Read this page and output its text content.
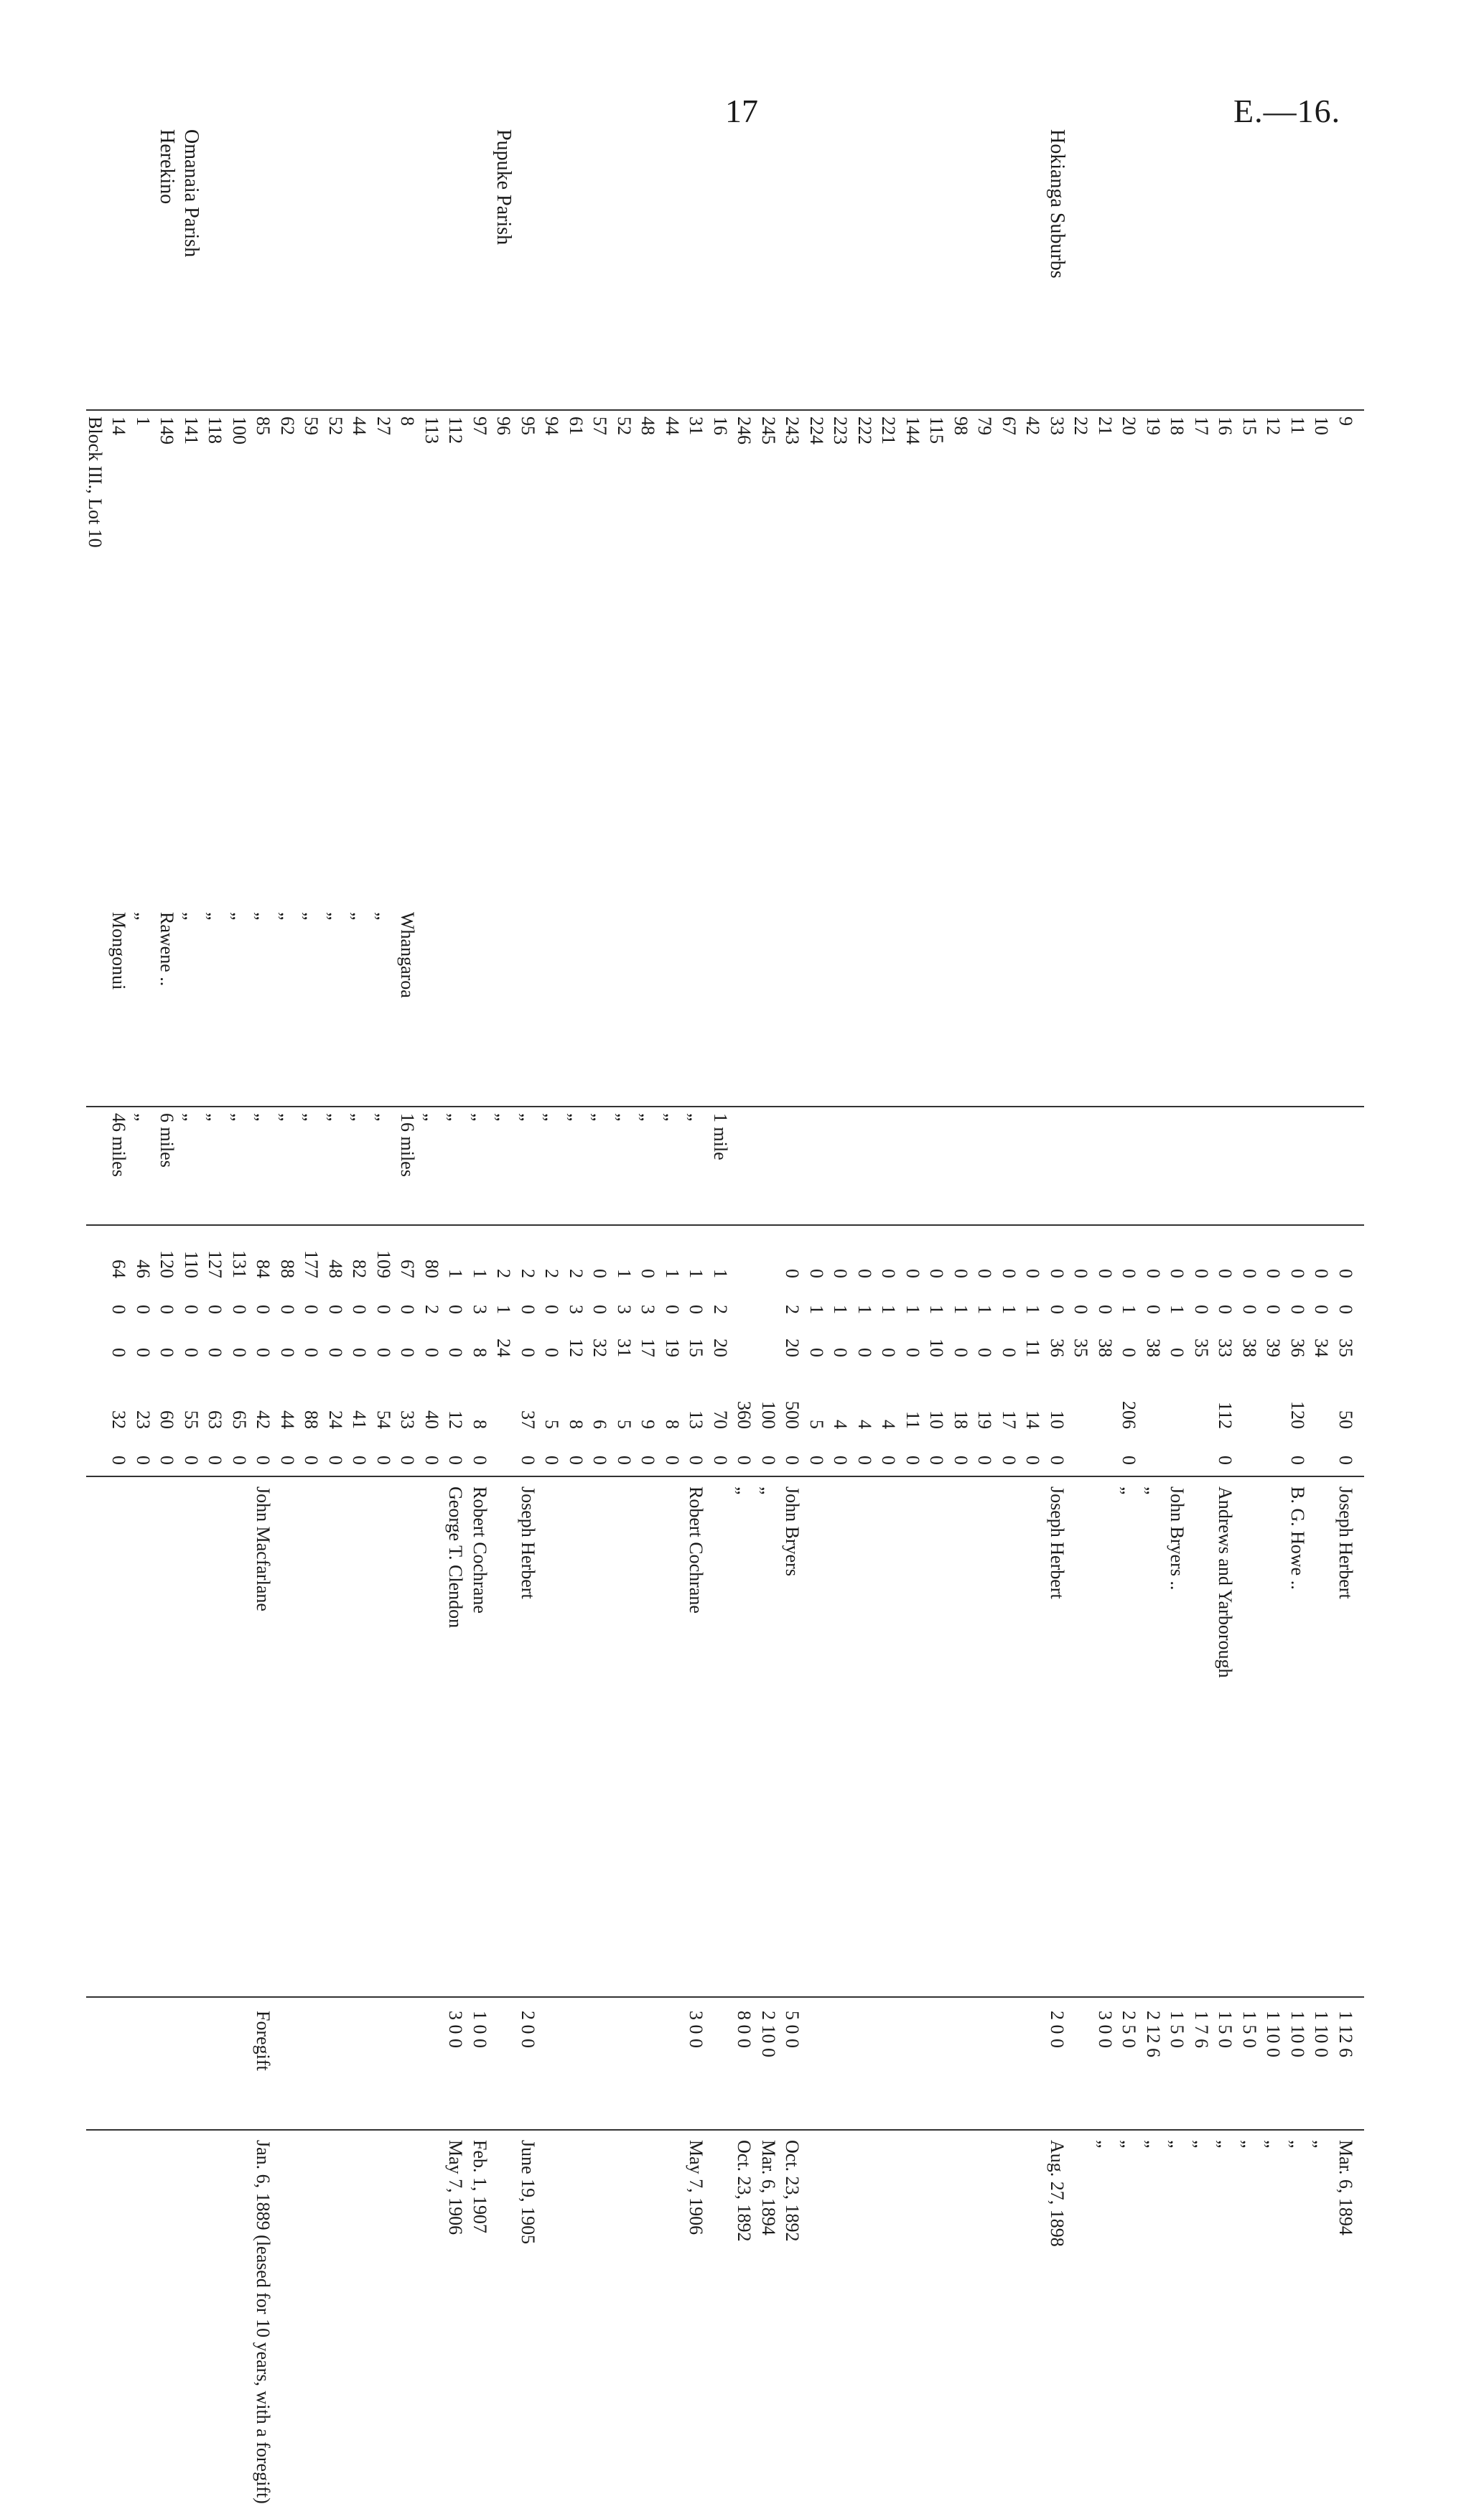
17	E.—16.
9
0
0
35
50
0
Joseph Herbert
1 12 6
Mar. 6, 1894
10
0
0
34
1 10 0
„
11
0
0
36
120
0
B. G. Howe ..
1 10 0
„
12
0
0
39
1 10 0
„
15
0
0
38
1 5 0
„
16
0
0
33
112
0
Andrews and Yarborough
1 5 0
„
17
0
0
35
1 7 6
„
18
0
1
0
John Bryers ..
1 5 0
„
19
0
0
38
„
2 12 6
„
20
0
1
0
206
0
„
2 5 0
„
21
0
0
38
3 0 0
„
22
0
0
35
33
0
0
36
10
0
Joseph Herbert
2 0 0
Aug. 27, 1898
42
0
1
11
14
0
67
0
1
0
17
0
79
0
1
0
19
0
98
0
1
0
18
0
115
0
1
10
10
0
144
0
1
0
11
0
221
0
1
0
4
0
222
0
1
0
4
0
223
0
1
0
4
0
224
0
1
0
5
0
243
0
2
20
500
0
John Bryers
5 0 0
Oct. 23, 1892
245
100
0
„
2 10 0
Mar. 6, 1894
246
360
0
„
8 0 0
Oct. 23, 1892
16
1 mile
1
2
20
70
0
31
„
1
0
15
13
0
Robert Cochrane
3 0 0
May 7, 1906
44
„
1
0
19
8
0
48
„
0
3
17
9
0
52
„
1
3
31
5
0
57
„
0
0
32
6
0
61
„
2
3
12
8
0
94
„
2
0
0
5
0
95
„
2
0
0
37
0
Joseph Herbert
2 0 0
June 19, 1905
96
„
2
1
24
97
„
1
3
8
8
0
Robert Cochrane
1 0 0
Feb. 1, 1907
112
„
1
0
0
12
0
George T. Clendon
3 0 0
May 7, 1906
113
„
80
2
0
40
0
8
Whangaroa
16 miles
67
0
0
33
0
27
„
„
109
0
0
54
0
44
„
„
82
0
0
41
0
52
„
„
48
0
0
24
0
59
„
„
177
0
0
88
0
62
„
„
88
0
0
44
0
85
„
„
84
0
0
42
0
John Macfarlane
Foregift
Jan. 6, 1889 (leased for 10 years, with a foregift)
100
„
„
131
0
0
65
0
118
„
„
127
0
0
63
0
141
„
„
110
0
0
55
0
149
Rawene ..
6 miles
120
0
0
60
0
1
„
„
46
0
0
23
0
14
Mongonui
46 miles
64
0
0
32
0
Block III., Lot 10
Hokianga Suburbs
Pupuke Parish
Omanaia Parish
Herekino
